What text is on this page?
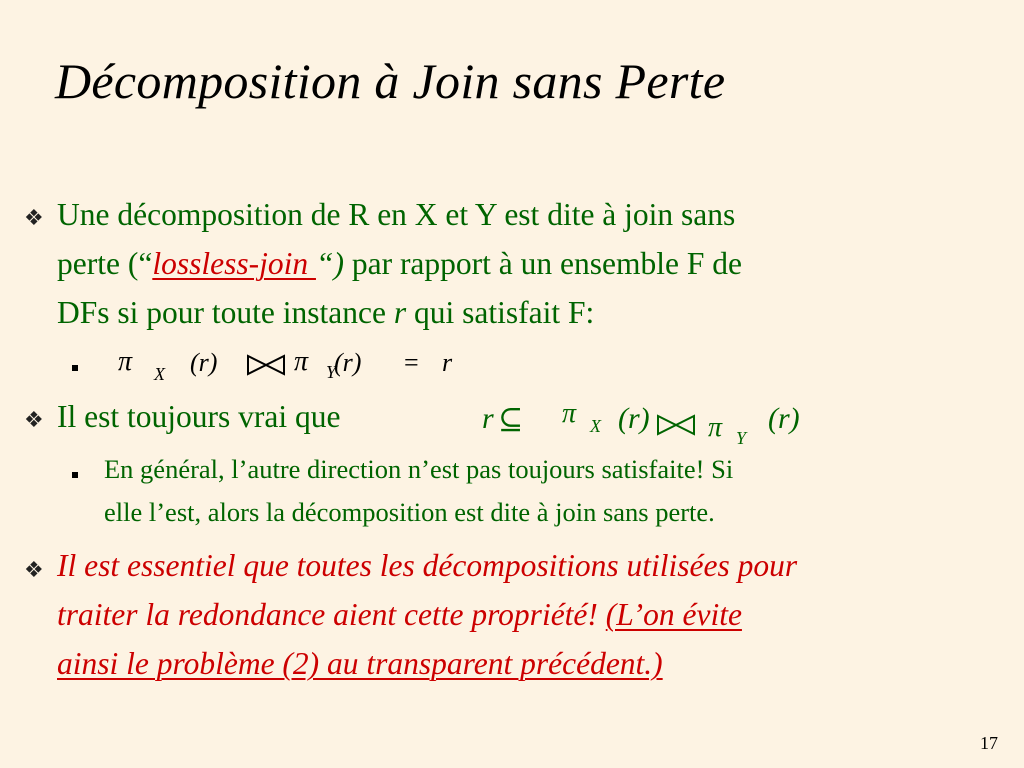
Décomposition à Join sans Perte
❖ Une décomposition de R en X et Y est dite à join sans
perte (“lossless-join “) par rapport à un ensemble F de
DFs si pour toute instance r qui satisfait F:
π X (r)	π Y
(r) = r
❖ Il est toujours vrai que	r ⊆ π X (r) π Y
(r)
En général, l’autre direction n’est pas toujours satisfaite! Si
elle l’est, alors la décomposition est dite à join sans perte.
❖ Il est essentiel que toutes les décompositions utilisées pour
traiter la redondance aient cette propriété! (L’on évite
ainsi le problème (2) au transparent précédent.)
17
